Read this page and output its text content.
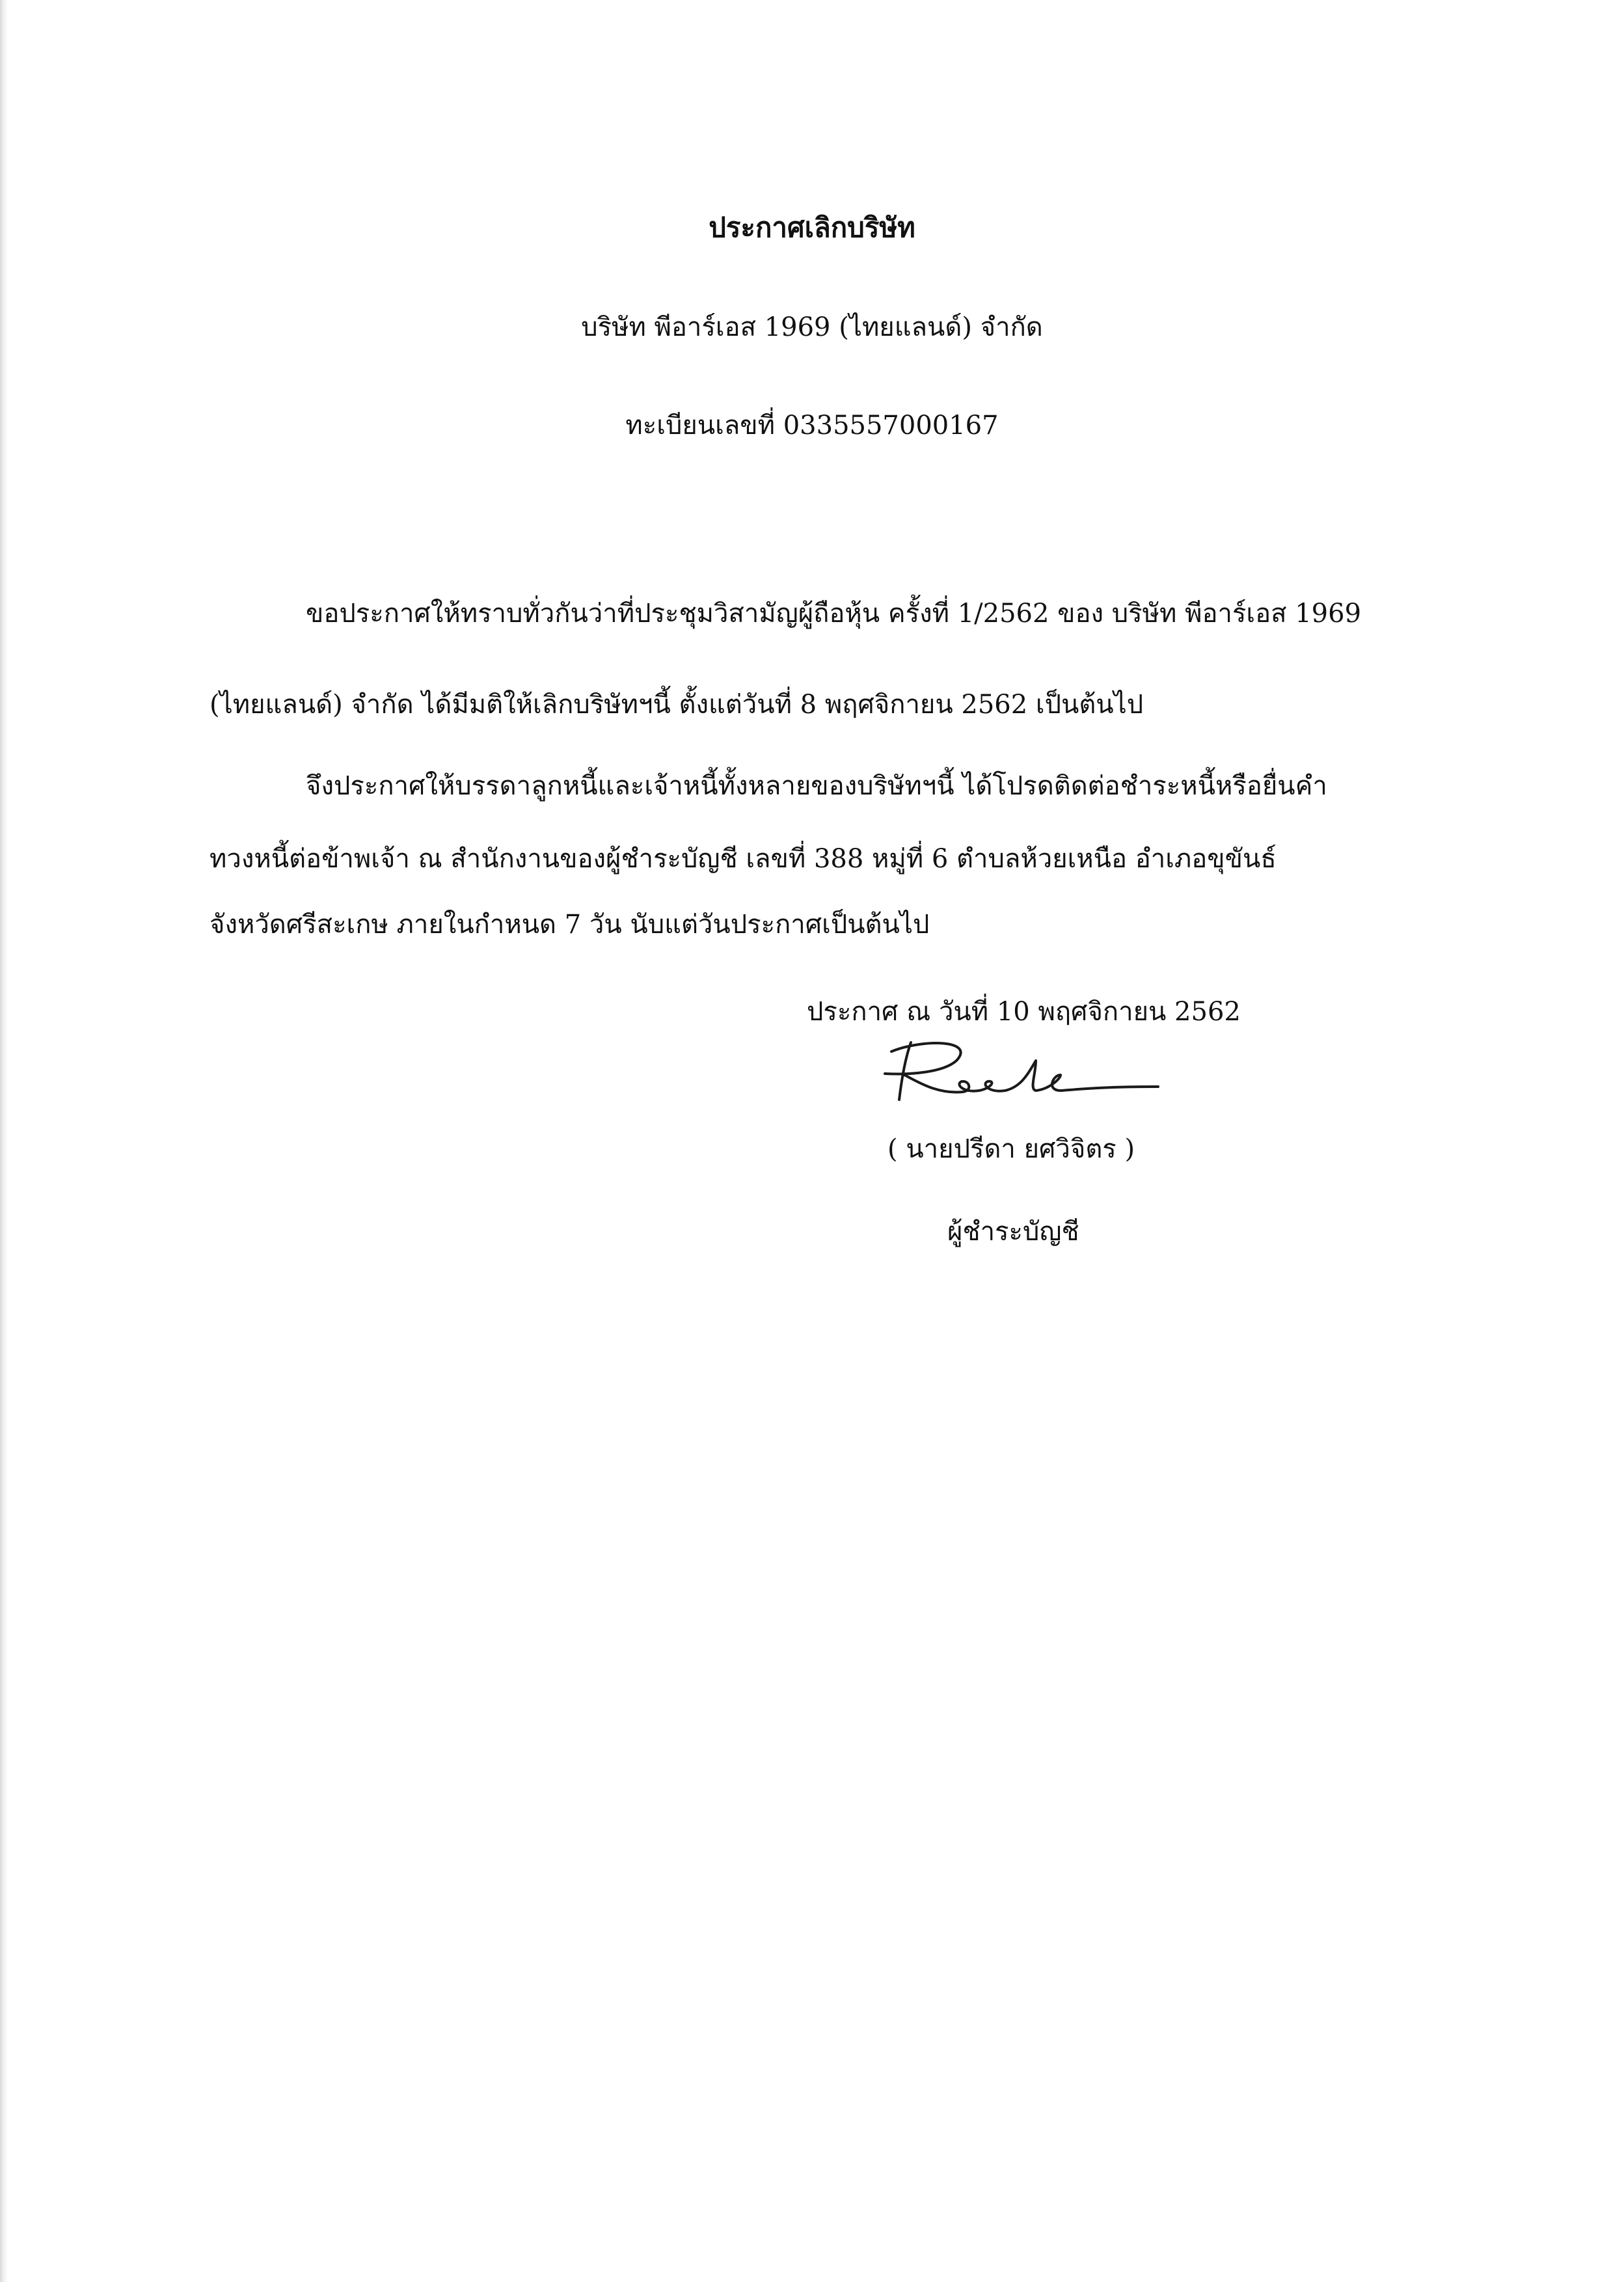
ประกาศเลิกบริษัท
บริษัท พีอาร์เอส 1969 (ไทยแลนด์) จำกัด
ทะเบียนเลขที่ 0335557000167
ขอประกาศให้ทราบทั่วกันว่าที่ประชุมวิสามัญผู้ถือหุ้น ครั้งที่ 1/2562 ของ บริษัท พีอาร์เอส 1969
(ไทยแลนด์) จำกัด ได้มีมติให้เลิกบริษัทฯนี้ ตั้งแต่วันที่ 8 พฤศจิกายน 2562 เป็นต้นไป
จึงประกาศให้บรรดาลูกหนี้และเจ้าหนี้ทั้งหลายของบริษัทฯนี้ ได้โปรดติดต่อชำระหนี้หรือยื่นคำ
ทวงหนี้ต่อข้าพเจ้า ณ สำนักงานของผู้ชำระบัญชี เลขที่ 388 หมู่ที่ 6 ตำบลห้วยเหนือ อำเภอขุขันธ์
จังหวัดศรีสะเกษ ภายในกำหนด 7 วัน นับแต่วันประกาศเป็นต้นไป
ประกาศ ณ วันที่ 10 พฤศจิกายน 2562
( นายปรีดา ยศวิจิตร )
ผู้ชำระบัญชี
